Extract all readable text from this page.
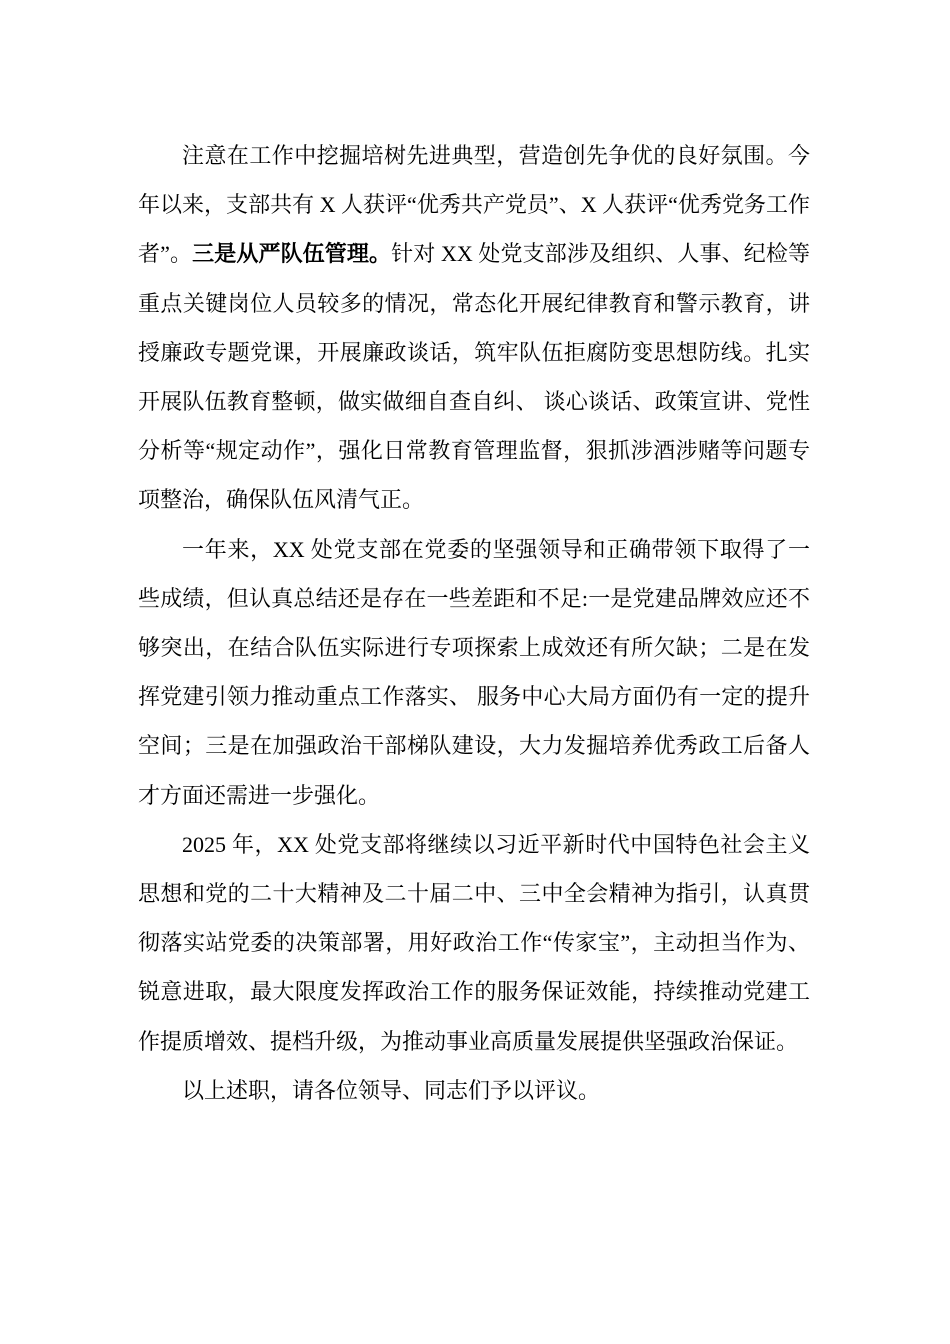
注意在工作中挖掘培树先进典型，营造创先争优的良好氛围。今年以来，支部共有 X 人获评“优秀共产党员”、X 人获评“优秀党务工作者”。三是从严队伍管理。针对 XX 处党支部涉及组织、人事、纪检等重点关键岗位人员较多的情况，常态化开展纪律教育和警示教育，讲授廉政专题党课，开展廉政谈话，筑牢队伍拒腐防变思想防线。扎实开展队伍教育整顿，做实做细自查自纠、 谈心谈话、政策宣讲、党性分析等“规定动作”，强化日常教育管理监督，狠抓涉酒涉赌等问题专项整治，确保队伍风清气正。

一年来，XX 处党支部在党委的坚强领导和正确带领下取得了一些成绩，但认真总结还是存在一些差距和不足:一是党建品牌效应还不够突出，在结合队伍实际进行专项探索上成效还有所欠缺；二是在发挥党建引领力推动重点工作落实、 服务中心大局方面仍有一定的提升空间；三是在加强政治干部梯队建设，大力发掘培养优秀政工后备人才方面还需进一步强化。

2025 年，XX 处党支部将继续以习近平新时代中国特色社会主义思想和党的二十大精神及二十届二中、三中全会精神为指引，认真贯彻落实站党委的决策部署，用好政治工作“传家宝”，主动担当作为、锐意进取，最大限度发挥政治工作的服务保证效能，持续推动党建工作提质增效、提档升级，为推动事业高质量发展提供坚强政治保证。

以上述职，请各位领导、同志们予以评议。
